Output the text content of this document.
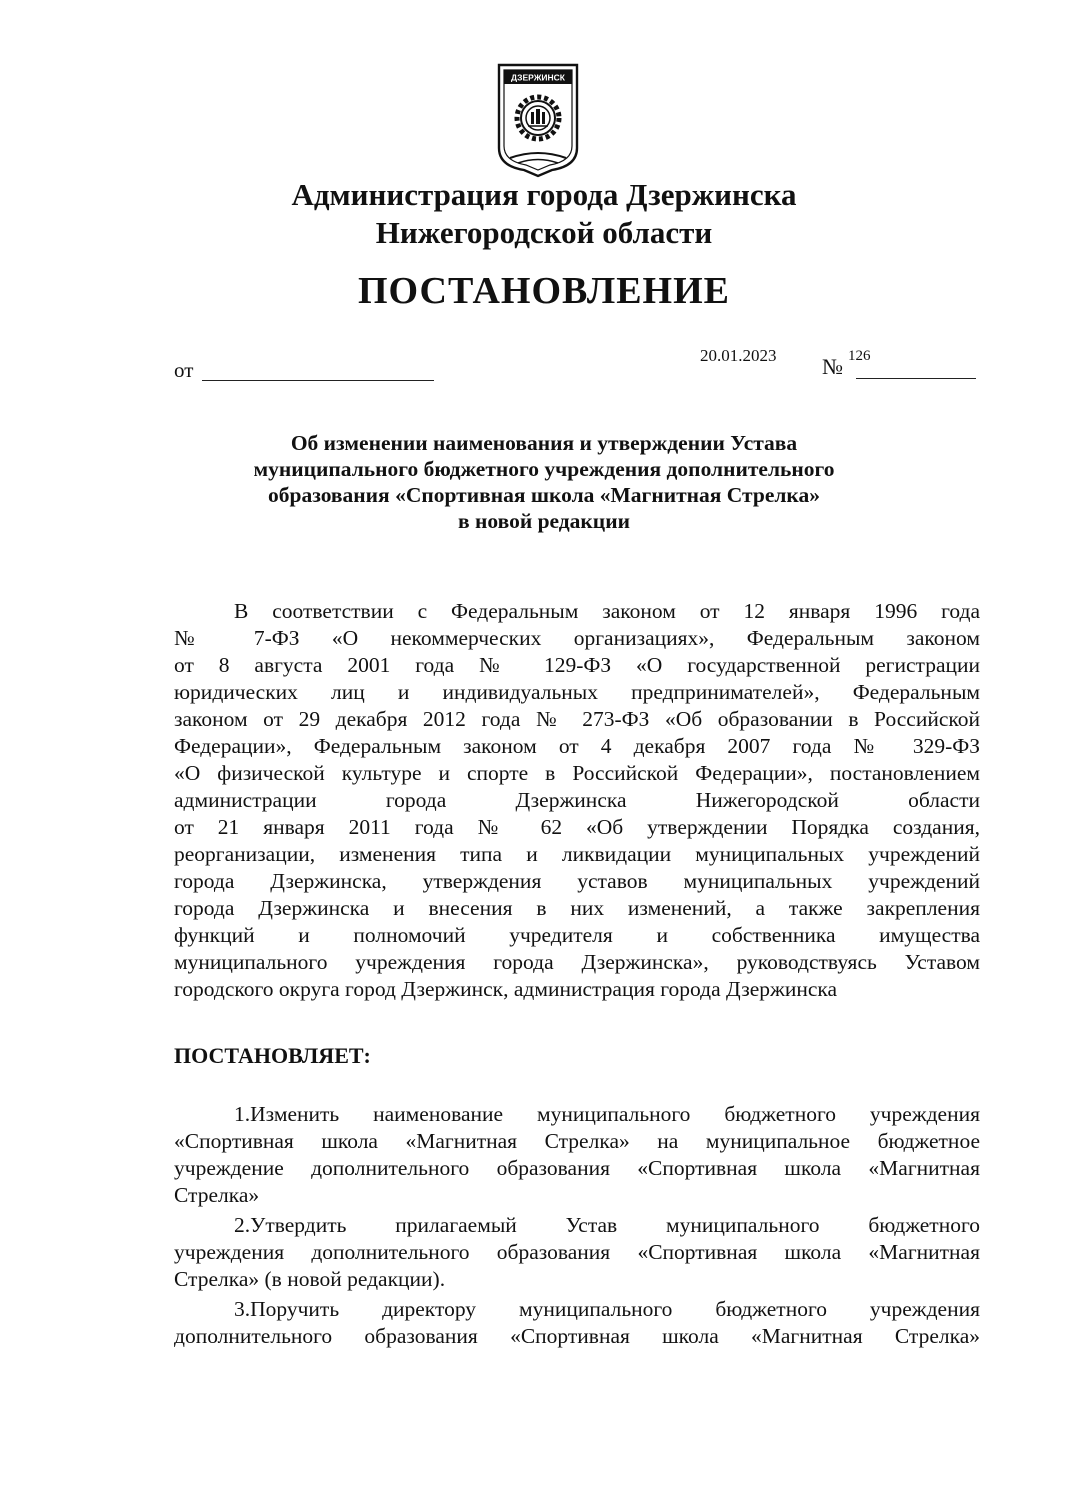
ДЗЕРЖИНСК
Администрация города Дзержинска
Нижегородской области
ПОСТАНОВЛЕНИЕ
от
20.01.2023 № 126
Об изменении наименования и утверждении Устава
муниципального бюджетного учреждения дополнительного
образования «Спортивная школа «Магнитная Стрелка»
в новой редакции
В соответствии с Федеральным законом от 12 января 1996 года
№ 7-ФЗ «О некоммерческих организациях», Федеральным законом
от 8 августа 2001 года № 129-ФЗ «О государственной регистрации
юридических лиц и индивидуальных предпринимателей», Федеральным
законом от 29 декабря 2012 года № 273-ФЗ «Об образовании в Российской
Федерации», Федеральным законом от 4 декабря 2007 года № 329-ФЗ
«О физической культуре и спорте в Российской Федерации», постановлением
администрации города Дзержинска Нижегородской области
от 21 января 2011 года № 62 «Об утверждении Порядка создания,
реорганизации, изменения типа и ликвидации муниципальных учреждений
города Дзержинска, утверждения уставов муниципальных учреждений
города Дзержинска и внесения в них изменений, а также закрепления
функций и полномочий учредителя и собственника имущества
муниципального учреждения города Дзержинска», руководствуясь Уставом
городского округа город Дзержинск, администрация города Дзержинска
ПОСТАНОВЛЯЕТ:
1.Изменить наименование муниципального бюджетного учреждения
«Спортивная школа «Магнитная Стрелка» на муниципальное бюджетное
учреждение дополнительного образования «Спортивная школа «Магнитная
Стрелка»
2.Утвердить прилагаемый Устав муниципального бюджетного
учреждения дополнительного образования «Спортивная школа «Магнитная
Стрелка» (в новой редакции).
3.Поручить директору муниципального бюджетного учреждения
дополнительного образования «Спортивная школа «Магнитная Стрелка»
